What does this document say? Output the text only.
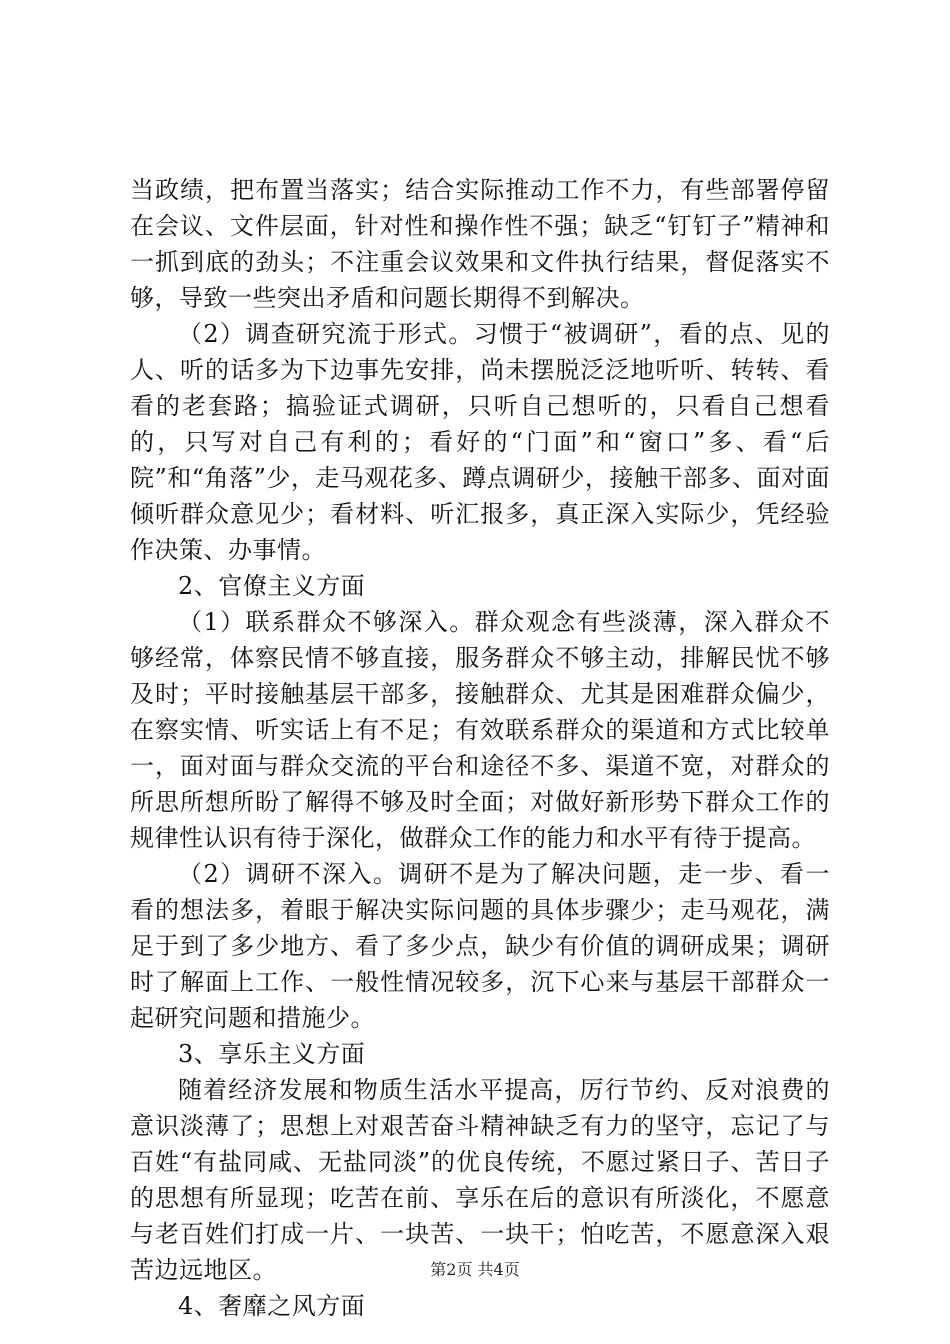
当政绩，把布置当落实；结合实际推动工作不力，有些部署停留在会议、文件层面，针对性和操作性不强；缺乏“钉钉子”精神和一抓到底的劲头；不注重会议效果和文件执行结果，督促落实不够，导致一些突出矛盾和问题长期得不到解决。

（2）调查研究流于形式。习惯于“被调研”，看的点、见的人、听的话多为下边事先安排，尚未摆脱泛泛地听听、转转、看看的老套路；搞验证式调研，只听自己想听的，只看自己想看的，只写对自己有利的；看好的“门面”和“窗口”多、看“后院”和“角落”少，走马观花多、蹲点调研少，接触干部多、面对面倾听群众意见少；看材料、听汇报多，真正深入实际少，凭经验作决策、办事情。

2、官僚主义方面

（1）联系群众不够深入。群众观念有些淡薄，深入群众不够经常，体察民情不够直接，服务群众不够主动，排解民忧不够及时；平时接触基层干部多，接触群众、尤其是困难群众偏少，在察实情、听实话上有不足；有效联系群众的渠道和方式比较单一，面对面与群众交流的平台和途径不多、渠道不宽，对群众的所思所想所盼了解得不够及时全面；对做好新形势下群众工作的规律性认识有待于深化，做群众工作的能力和水平有待于提高。

（2）调研不深入。调研不是为了解决问题，走一步、看一看的想法多，着眼于解决实际问题的具体步骤少；走马观花，满足于到了多少地方、看了多少点，缺少有价值的调研成果；调研时了解面上工作、一般性情况较多，沉下心来与基层干部群众一起研究问题和措施少。

3、享乐主义方面

随着经济发展和物质生活水平提高，厉行节约、反对浪费的意识淡薄了；思想上对艰苦奋斗精神缺乏有力的坚守，忘记了与百姓“有盐同咸、无盐同淡”的优良传统，不愿过紧日子、苦日子的思想有所显现；吃苦在前、享乐在后的意识有所淡化，不愿意与老百姓们打成一片、一块苦、一块干；怕吃苦，不愿意深入艰苦边远地区。

4、奢靡之风方面

第2页 共4页
